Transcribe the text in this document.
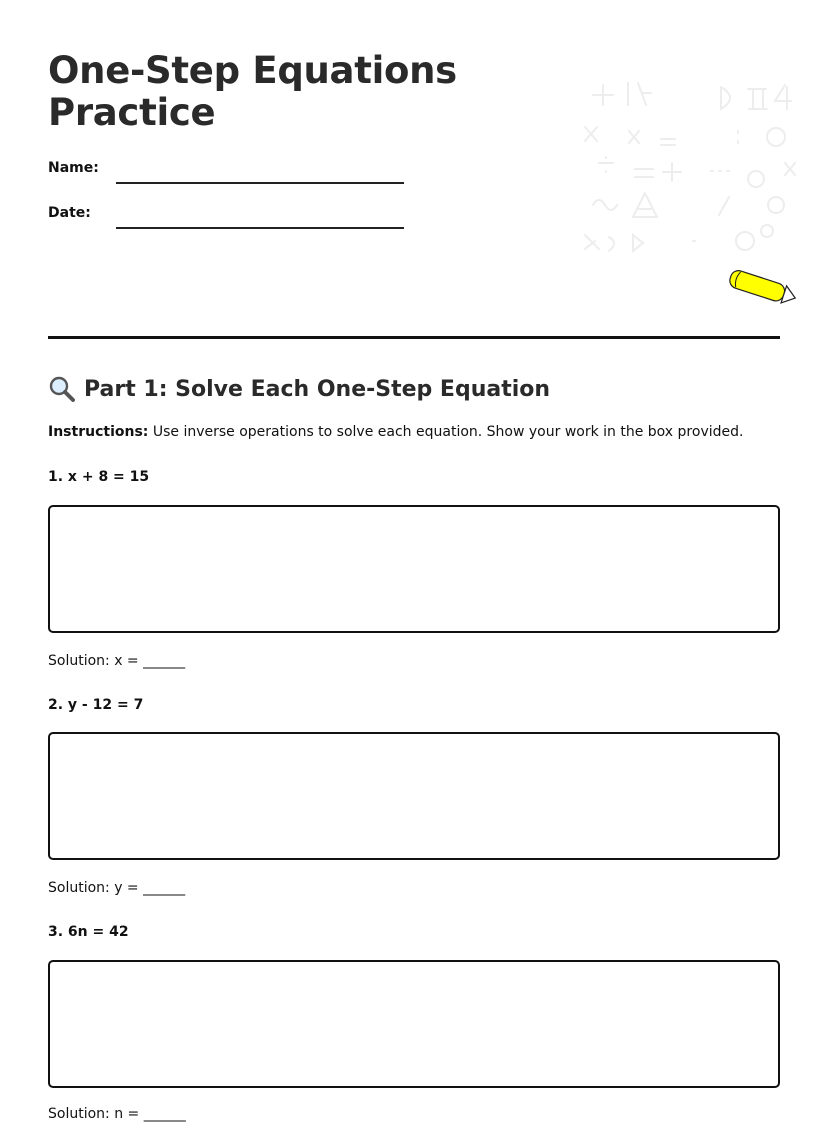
One-Step Equations Practice
Name:
Date:
Part 1: Solve Each One-Step Equation
Instructions: Use inverse operations to solve each equation. Show your work in the box provided.
1. x + 8 = 15
Solution: x = ______
2. y - 12 = 7
Solution: y = ______
3. 6n = 42
Solution: n = ______
